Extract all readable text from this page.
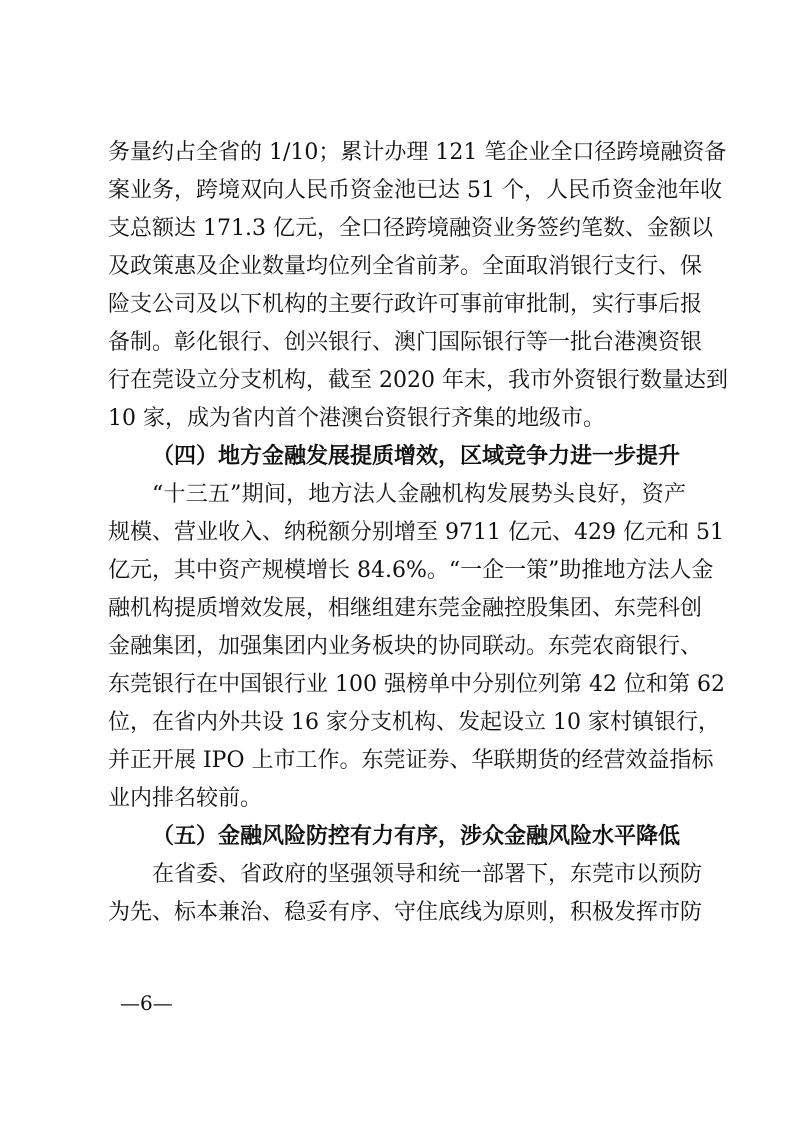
务量约占全省的 1/10；累计办理 121 笔企业全口径跨境融资备
案业务，跨境双向人民币资金池已达 51 个，人民币资金池年收
支总额达 171.3 亿元，全口径跨境融资业务签约笔数、金额以
及政策惠及企业数量均位列全省前茅。全面取消银行支行、保
险支公司及以下机构的主要行政许可事前审批制，实行事后报
备制。彰化银行、创兴银行、澳门国际银行等一批台港澳资银
行在莞设立分支机构，截至 2020 年末，我市外资银行数量达到
10 家，成为省内首个港澳台资银行齐集的地级市。
（四）地方金融发展提质增效，区域竞争力进一步提升
“十三五”期间，地方法人金融机构发展势头良好，资产
规模、营业收入、纳税额分别增至 9711 亿元、429 亿元和 51
亿元，其中资产规模增长 84.6%。“一企一策”助推地方法人金
融机构提质增效发展，相继组建东莞金融控股集团、东莞科创
金融集团，加强集团内业务板块的协同联动。东莞农商银行、
东莞银行在中国银行业 100 强榜单中分别位列第 42 位和第 62
位，在省内外共设 16 家分支机构、发起设立 10 家村镇银行，
并正开展 IPO 上市工作。东莞证券、华联期货的经营效益指标
业内排名较前。
（五）金融风险防控有力有序，涉众金融风险水平降低
在省委、省政府的坚强领导和统一部署下，东莞市以预防
为先、标本兼治、稳妥有序、守住底线为原则，积极发挥市防
—6—
